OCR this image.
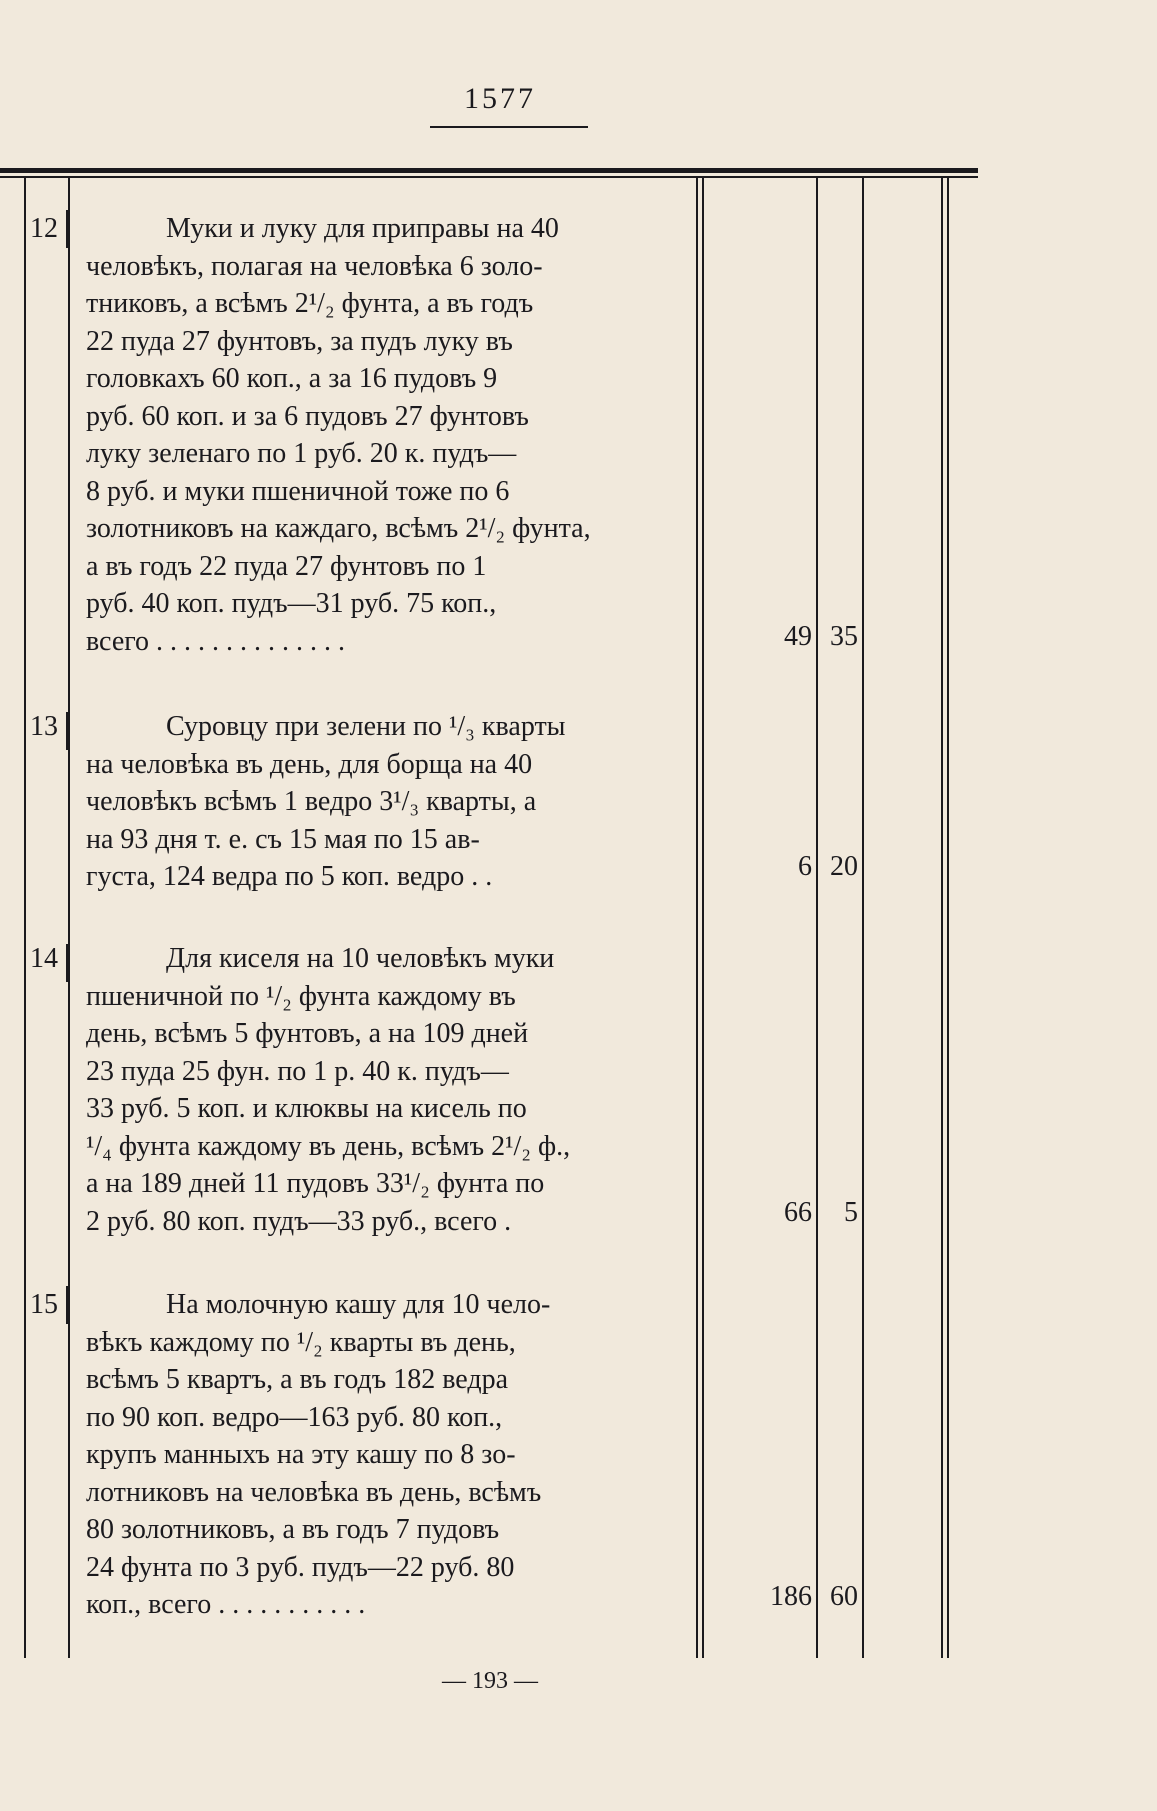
1577
12	Муки и луку для приправы на 40
человѣкъ, полагая на человѣка 6 золо-
тниковъ, а всѣмъ 2¹/₂ фунта, а въ годъ
22 пуда 27 фунтовъ, за пудъ луку въ
головкахъ 60 коп., а за 16 пудовъ 9
руб. 60 коп. и за 6 пудовъ 27 фунтовъ
луку зеленаго по 1 руб. 20 к. пудъ—
8 руб. и муки пшеничной тоже по 6
золотниковъ на каждаго, всѣмъ 2¹/₂ фунта,
а въ годъ 22 пуда 27 фунтовъ по 1
руб. 40 коп. пудъ—31 руб. 75 коп.,
всего . . . . . . . . . . . . . .	49 35
13	Суровцу при зелени по ¹/₃ кварты
на человѣка въ день, для борща на 40
человѣкъ всѣмъ 1 ведро 3¹/₃ кварты, а
на 93 дня т. е. съ 15 мая по 15 ав-
густа, 124 ведра по 5 коп. ведро . .	6 20
14	Для киселя на 10 человѣкъ муки
пшеничной по ¹/₂ фунта каждому въ
день, всѣмъ 5 фунтовъ, а на 109 дней
23 пуда 25 фун. по 1 р. 40 к. пудъ—
33 руб. 5 коп. и клюквы на кисель по
¹/₄ фунта каждому въ день, всѣмъ 2¹/₂ ф.,
а на 189 дней 11 пудовъ 33¹/₂ фунта по
2 руб. 80 коп. пудъ—33 руб., всего .	66	5
15	На молочную кашу для 10 чело-
вѣкъ каждому по ¹/₂ кварты въ день,
всѣмъ 5 квартъ, а въ годъ 182 ведра
по 90 коп. ведро—163 руб. 80 коп.,
крупъ манныхъ на эту кашу по 8 зо-
лотниковъ на человѣка въ день, всѣмъ
80 золотниковъ, а въ годъ 7 пудовъ
24 фунта по 3 руб. пудъ—22 руб. 80
коп., всего . . . . . . . . . . .	186 60
— 193 —
